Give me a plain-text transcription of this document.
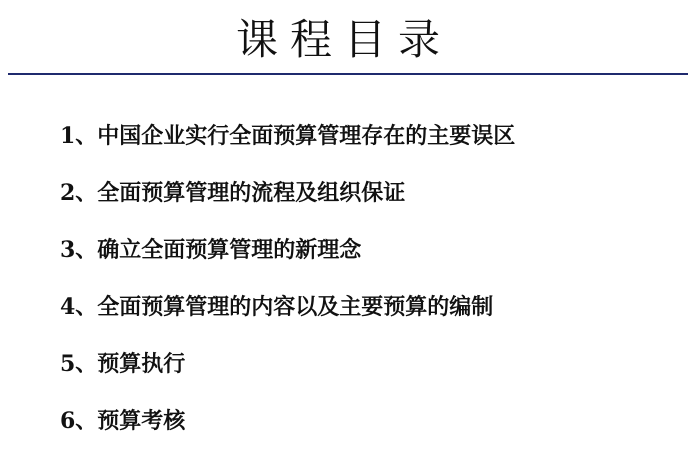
课程目录
1、中国企业实行全面预算管理存在的主要误区
2、全面预算管理的流程及组织保证
3、确立全面预算管理的新理念
4、全面预算管理的内容以及主要预算的编制
5、预算执行
6、预算考核
